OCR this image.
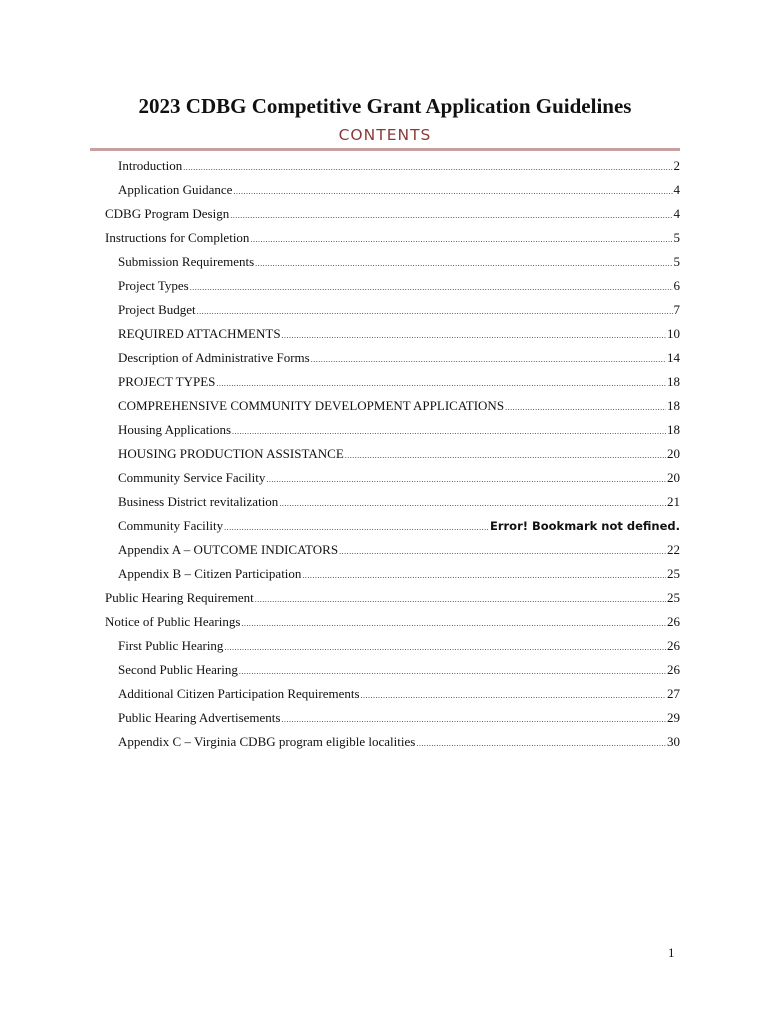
2023 CDBG Competitive Grant Application Guidelines
CONTENTS
Introduction .....	2
Application Guidance .....	4
CDBG Program Design .....	4
Instructions for Completion .....	5
Submission Requirements .....	5
Project Types .....	6
Project Budget .....	7
REQUIRED ATTACHMENTS .....	10
Description of Administrative Forms .....	14
PROJECT TYPES .....	18
COMPREHENSIVE COMMUNITY DEVELOPMENT APPLICATIONS .....	18
Housing Applications .....	18
HOUSING PRODUCTION ASSISTANCE .....	20
Community Service Facility .....	20
Business District revitalization .....	21
Community Facility .....	Error! Bookmark not defined.
Appendix A – OUTCOME INDICATORS .....	22
Appendix B – Citizen Participation .....	25
Public Hearing Requirement .....	25
Notice of Public Hearings .....	26
First Public Hearing .....	26
Second Public Hearing .....	26
Additional Citizen Participation Requirements .....	27
Public Hearing Advertisements .....	29
Appendix C – Virginia CDBG program eligible localities .....	30
1
